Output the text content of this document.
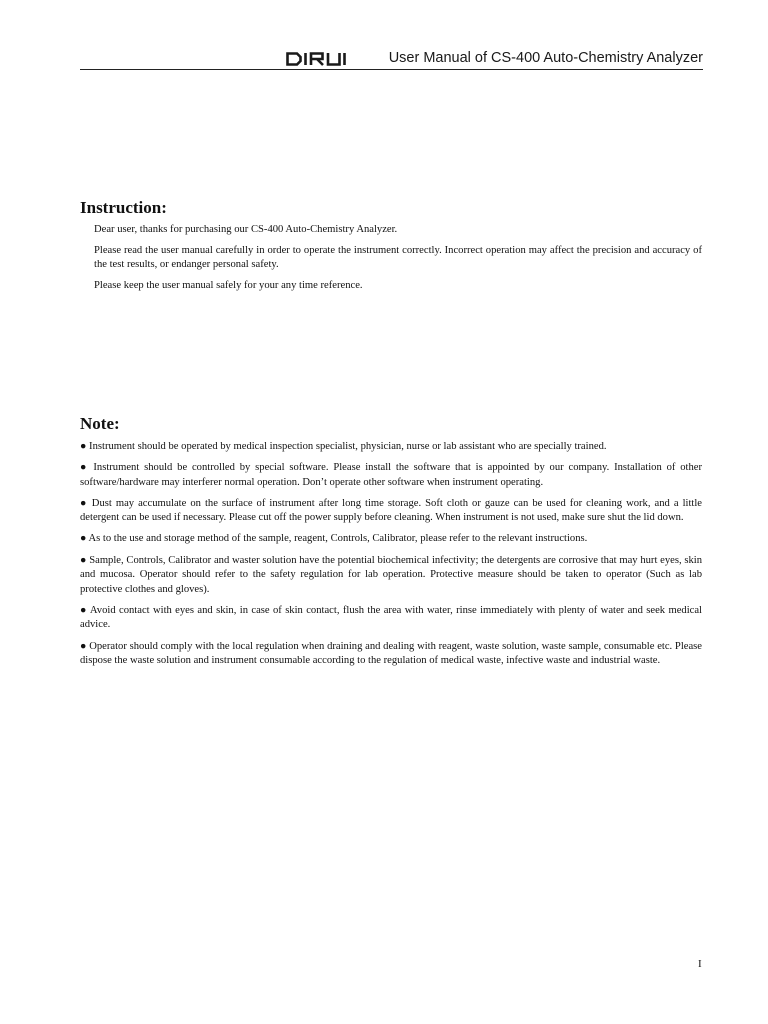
User Manual of CS-400 Auto-Chemistry Analyzer
Instruction:

Dear user, thanks for purchasing our CS-400 Auto-Chemistry Analyzer.

Please read the user manual carefully in order to operate the instrument correctly. Incorrect operation may affect the precision and accuracy of the test results, or endanger personal safety.

Please keep the user manual safely for your any time reference.

Note:

● Instrument should be operated by medical inspection specialist, physician, nurse or lab assistant who are specially trained.

● Instrument should be controlled by special software. Please install the software that is appointed by our company. Installation of other software/hardware may interferer normal operation. Don’t operate other software when instrument operating.

● Dust may accumulate on the surface of instrument after long time storage. Soft cloth or gauze can be used for cleaning work, and a little detergent can be used if necessary. Please cut off the power supply before cleaning. When instrument is not used, make sure shut the lid down.

● As to the use and storage method of the sample, reagent, Controls, Calibrator, please refer to the relevant instructions.

● Sample, Controls, Calibrator and waster solution have the potential biochemical infectivity; the detergents are corrosive that may hurt eyes, skin and mucosa. Operator should refer to the safety regulation for lab operation. Protective measure should be taken to operator (Such as lab protective clothes and gloves).

● Avoid contact with eyes and skin, in case of skin contact, flush the area with water, rinse immediately with plenty of water and seek medical advice.

● Operator should comply with the local regulation when draining and dealing with reagent, waste solution, waste sample, consumable etc. Please dispose the waste solution and instrument consumable according to the regulation of medical waste, infective waste and industrial waste.

I
